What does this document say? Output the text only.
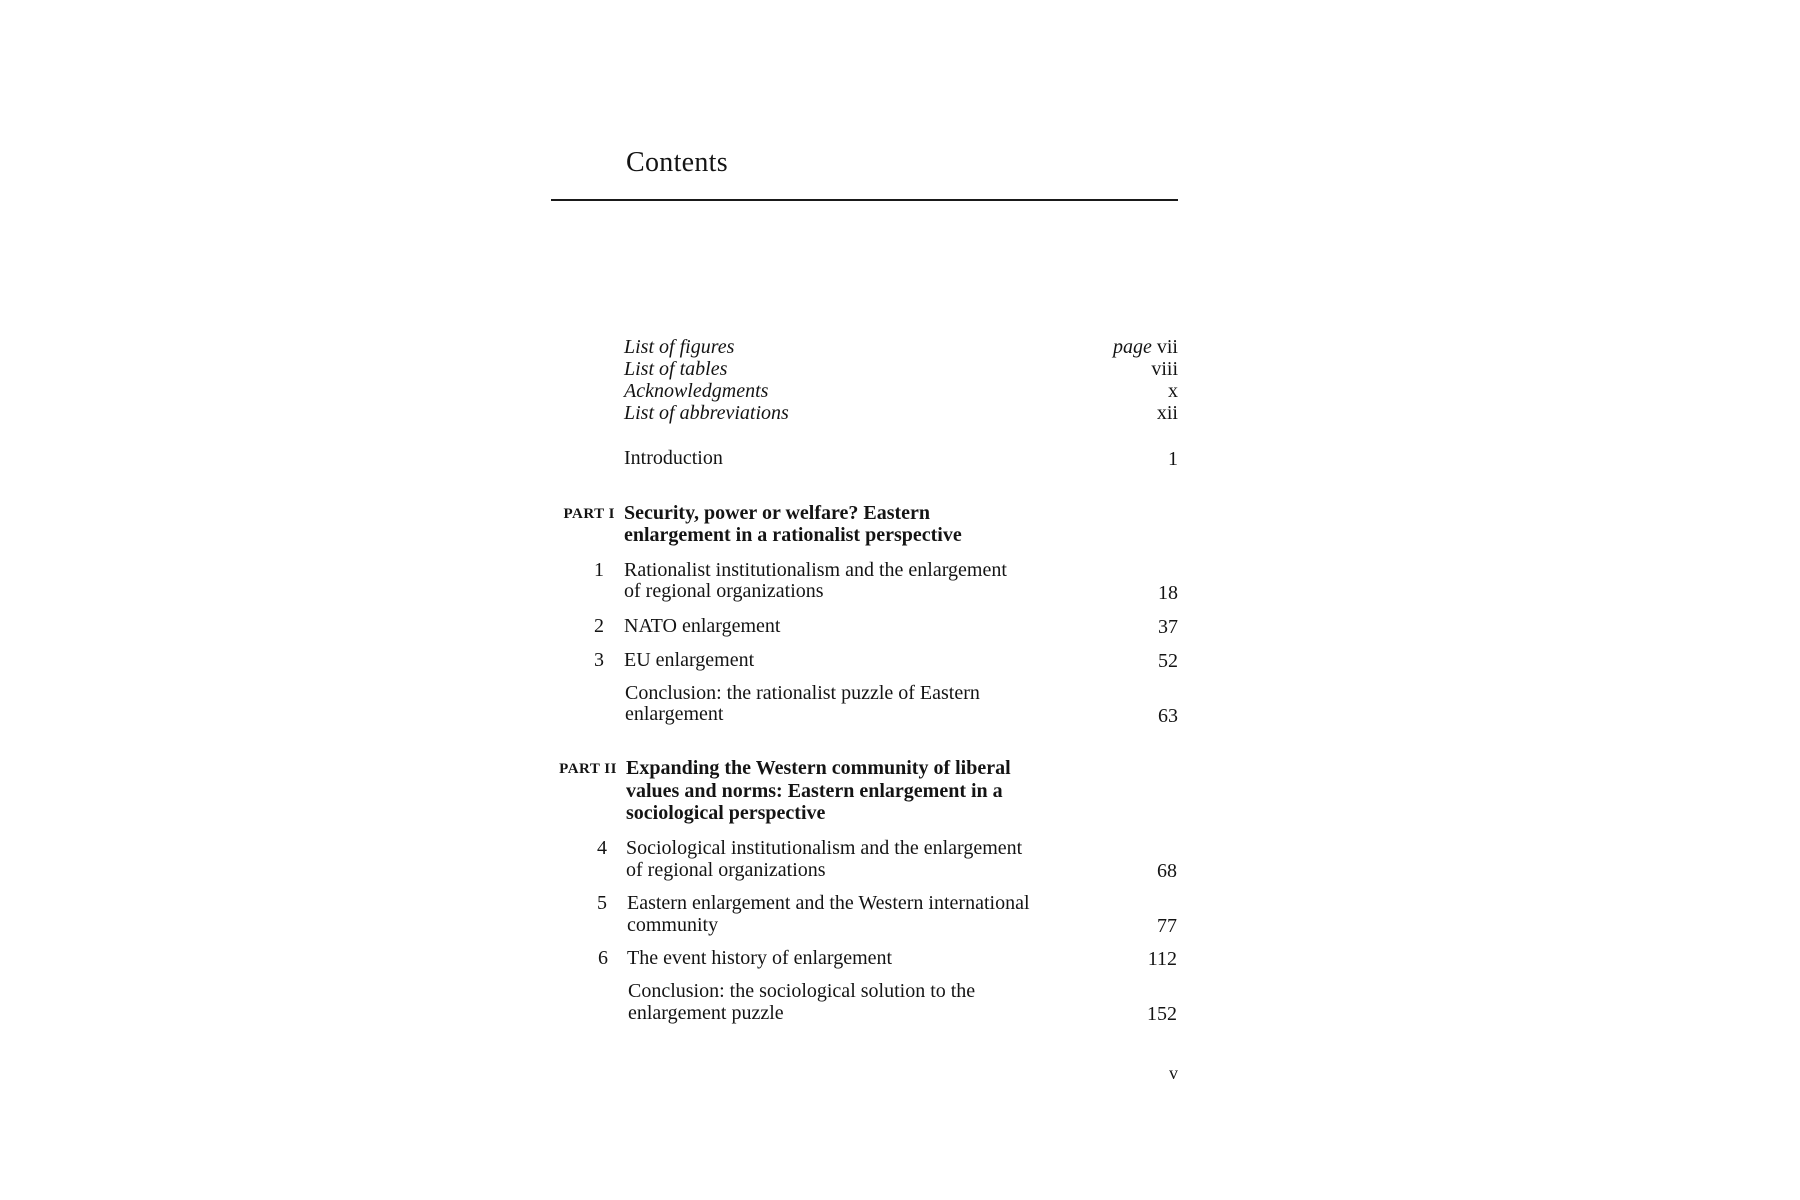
Contents
List of figures	page vii
List of tables	viii
Acknowledgments	x
List of abbreviations	xii
Introduction	1
PART I Security, power or welfare? Eastern
enlargement in a rationalist perspective
1 Rationalist institutionalism and the enlargement
of regional organizations	18
2 NATO enlargement	37
3 EU enlargement	52
Conclusion: the rationalist puzzle of Eastern
enlargement	63
PART II Expanding the Western community of liberal
values and norms: Eastern enlargement in a
sociological perspective
4 Sociological institutionalism and the enlargement
of regional organizations	68
5 Eastern enlargement and the Western international
community	77
6 The event history of enlargement	112
Conclusion: the sociological solution to the
enlargement puzzle	152
v
